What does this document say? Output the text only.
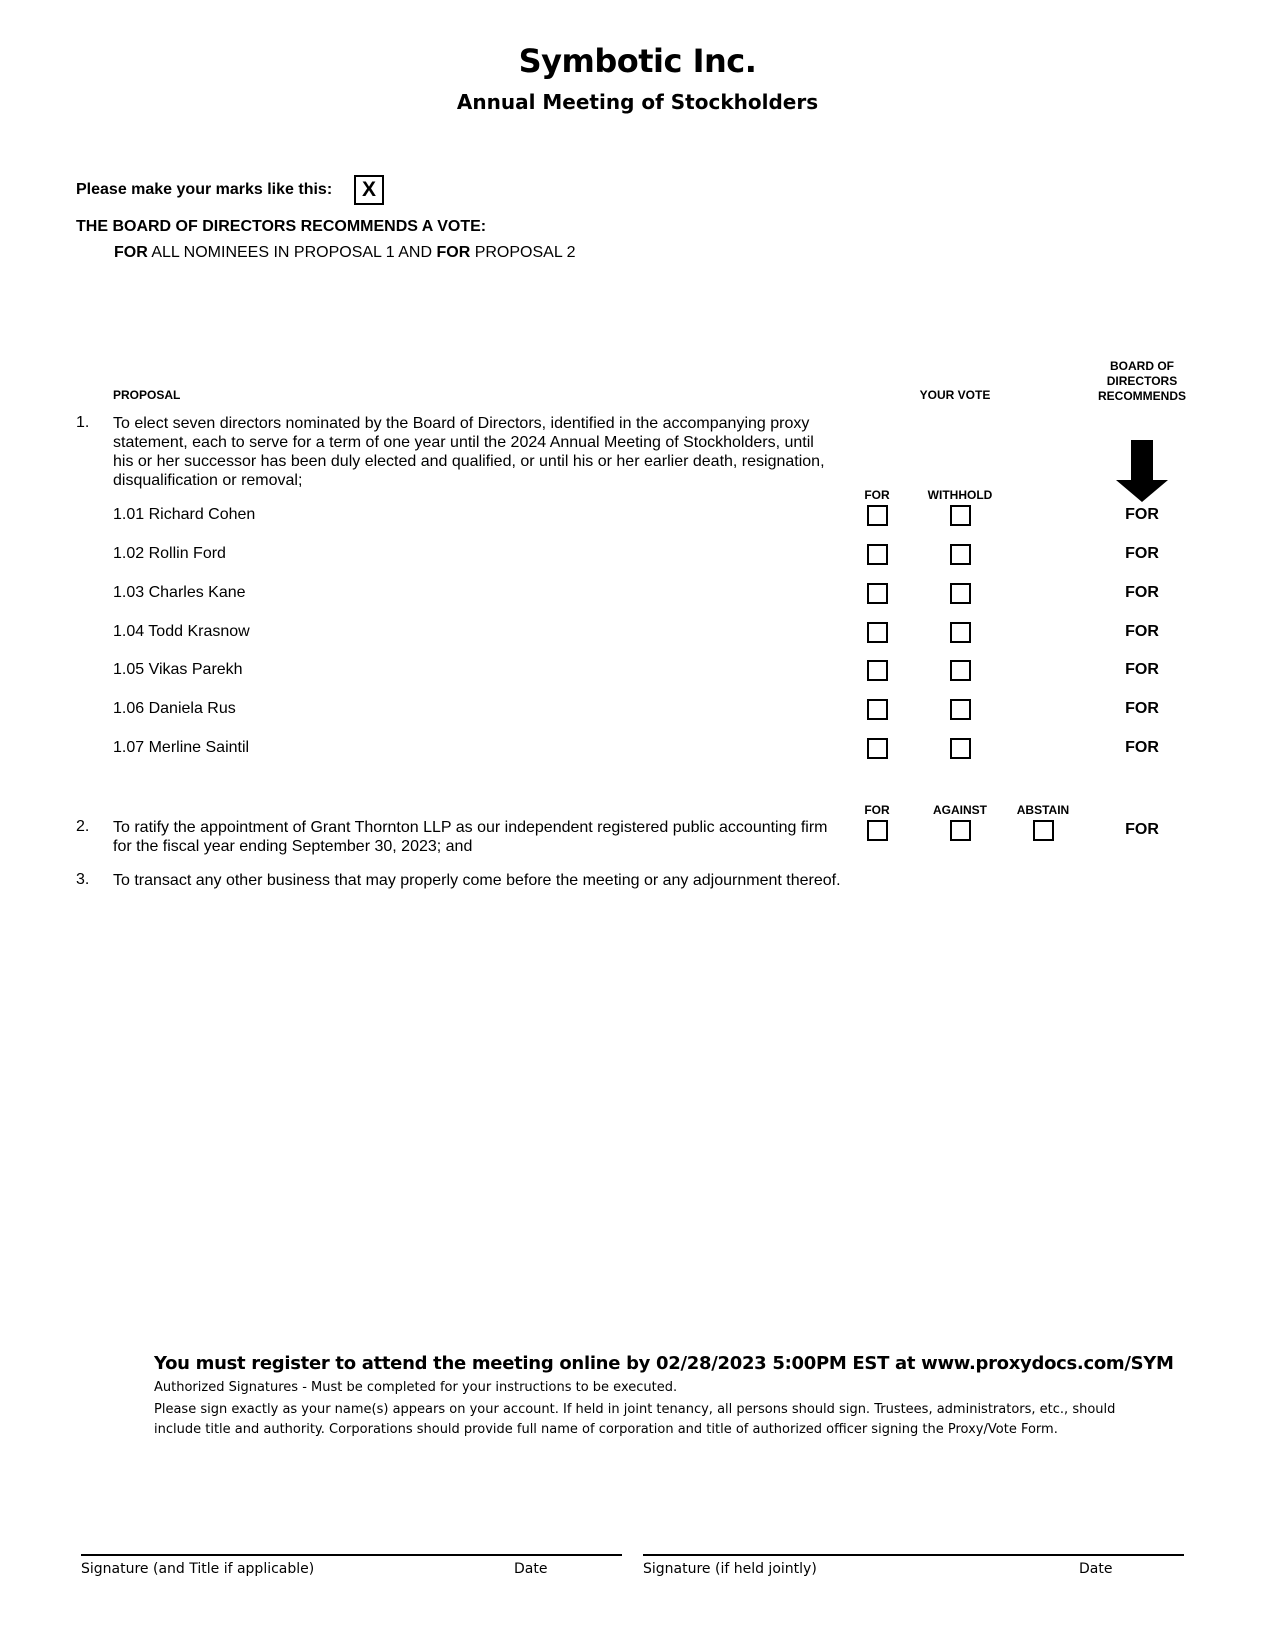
Symbotic Inc.
Annual Meeting of Stockholders
Please make your marks like this:	X
THE BOARD OF DIRECTORS RECOMMENDS A VOTE:
FOR ALL NOMINEES IN PROPOSAL 1 AND FOR PROPOSAL 2
PROPOSAL	YOUR VOTE
BOARD OF
DIRECTORS
RECOMMENDS
1. To elect seven directors nominated by the Board of Directors, identified in the accompanying proxy statement, each to serve for a term of one year until the 2024 Annual Meeting of Stockholders, until his or her successor has been duly elected and qualified, or until his or her earlier death, resignation, disqualification or removal;
FOR	WITHHOLD
1.01 Richard Cohen	FOR
1.02 Rollin Ford	FOR
1.03 Charles Kane	FOR
1.04 Todd Krasnow	FOR
1.05 Vikas Parekh	FOR
1.06 Daniela Rus	FOR
1.07 Merline Saintil	FOR
FOR	AGAINST	ABSTAIN
2. To ratify the appointment of Grant Thornton LLP as our independent registered public accounting firm for the fiscal year ending September 30, 2023; and
FOR
3. To transact any other business that may properly come before the meeting or any adjournment thereof.
You must register to attend the meeting online by 02/28/2023 5:00PM EST at www.proxydocs.com/SYM
Authorized Signatures - Must be completed for your instructions to be executed.
Please sign exactly as your name(s) appears on your account. If held in joint tenancy, all persons should sign. Trustees, administrators, etc., should include title and authority. Corporations should provide full name of corporation and title of authorized officer signing the Proxy/Vote Form.
Signature (and Title if applicable)	Date	Signature (if held jointly)	Date
